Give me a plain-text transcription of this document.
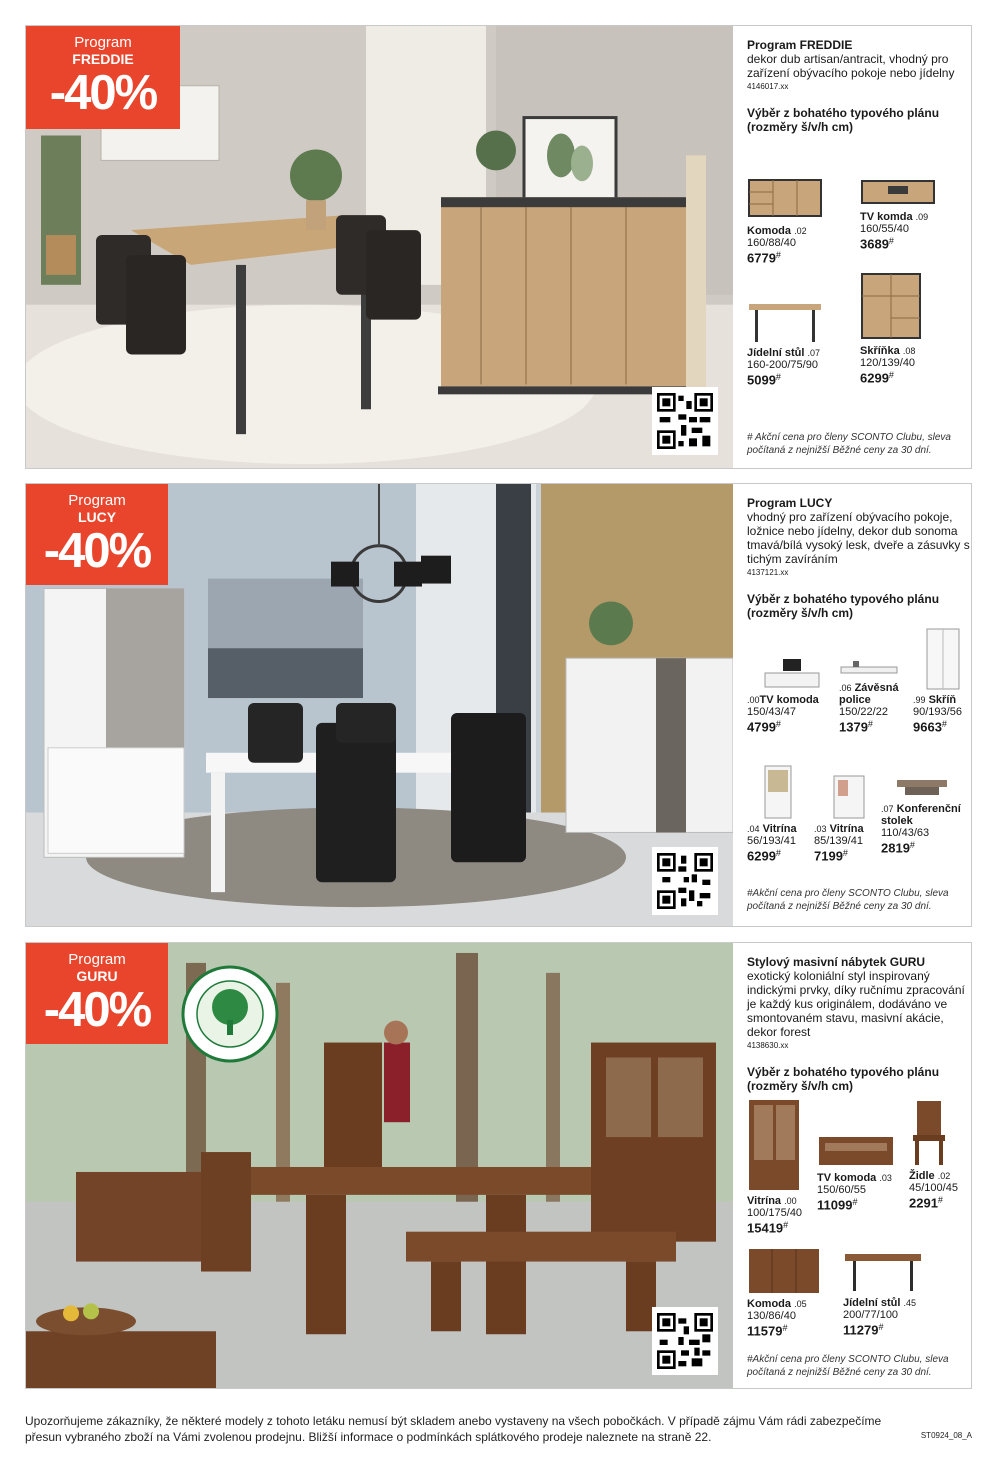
Program
FREDDIE
-40%
Program FREDDIE
dekor dub artisan/antracit, vhodný pro zařízení obývacího pokoje nebo jídelny
4146017.xx
Výběr z bohatého typového plánu (rozměry š/v/h cm)
Komoda .02
160/88/40
6779#
TV komda .09
160/55/40
3689#
Jídelní stůl .07
160-200/75/90
5099#
Skříňka .08
120/139/40
6299#
# Akční cena pro členy SCONTO Clubu, sleva počítaná z nejnižší Běžné ceny za 30 dní.
Program
LUCY
-40%
Program LUCY
vhodný pro zařízení obývacího pokoje, ložnice nebo jídelny, dekor dub sonoma tmavá/bílá vysoký lesk, dveře a zásuvky s tichým zavíráním
4137121.xx
Výběr z bohatého typového plánu (rozměry š/v/h cm)
.00TV komoda
150/43/47
4799#
.06 Závěsná police
150/22/22
1379#
.99 Skříň
90/193/56
9663#
.04 Vitrína
56/193/41
6299#
.03 Vitrína
85/139/41
7199#
.07 Konferenční stolek
110/43/63
2819#
#Akční cena pro členy SCONTO Clubu, sleva počítaná z nejnižší Běžné ceny za 30 dní.
Program
GURU
-40%
Stylový masivní nábytek GURU
exotický koloniální styl inspirovaný indickými prvky, díky ručnímu zpracování je každý kus originálem, dodáváno ve smontovaném stavu, masivní akácie, dekor forest
4138630.xx
Výběr z bohatého typového plánu (rozměry š/v/h cm)
Vitrína .00
100/175/40
15419#
TV komoda .03
150/60/55
11099#
Židle .02
45/100/45
2291#
Komoda .05
130/86/40
11579#
Jídelní stůl .45
200/77/100
11279#
#Akční cena pro členy SCONTO Clubu, sleva počítaná z nejnižší Běžné ceny za 30 dní.
Upozorňujeme zákazníky, že některé modely z tohoto letáku nemusí být skladem anebo vystaveny na všech pobočkách. V případě zájmu Vám rádi zabezpečíme přesun vybraného zboží na Vámi zvolenou prodejnu. Bližší informace o podmínkách splátkového prodeje naleznete na straně 22.	ST0924_08_A
